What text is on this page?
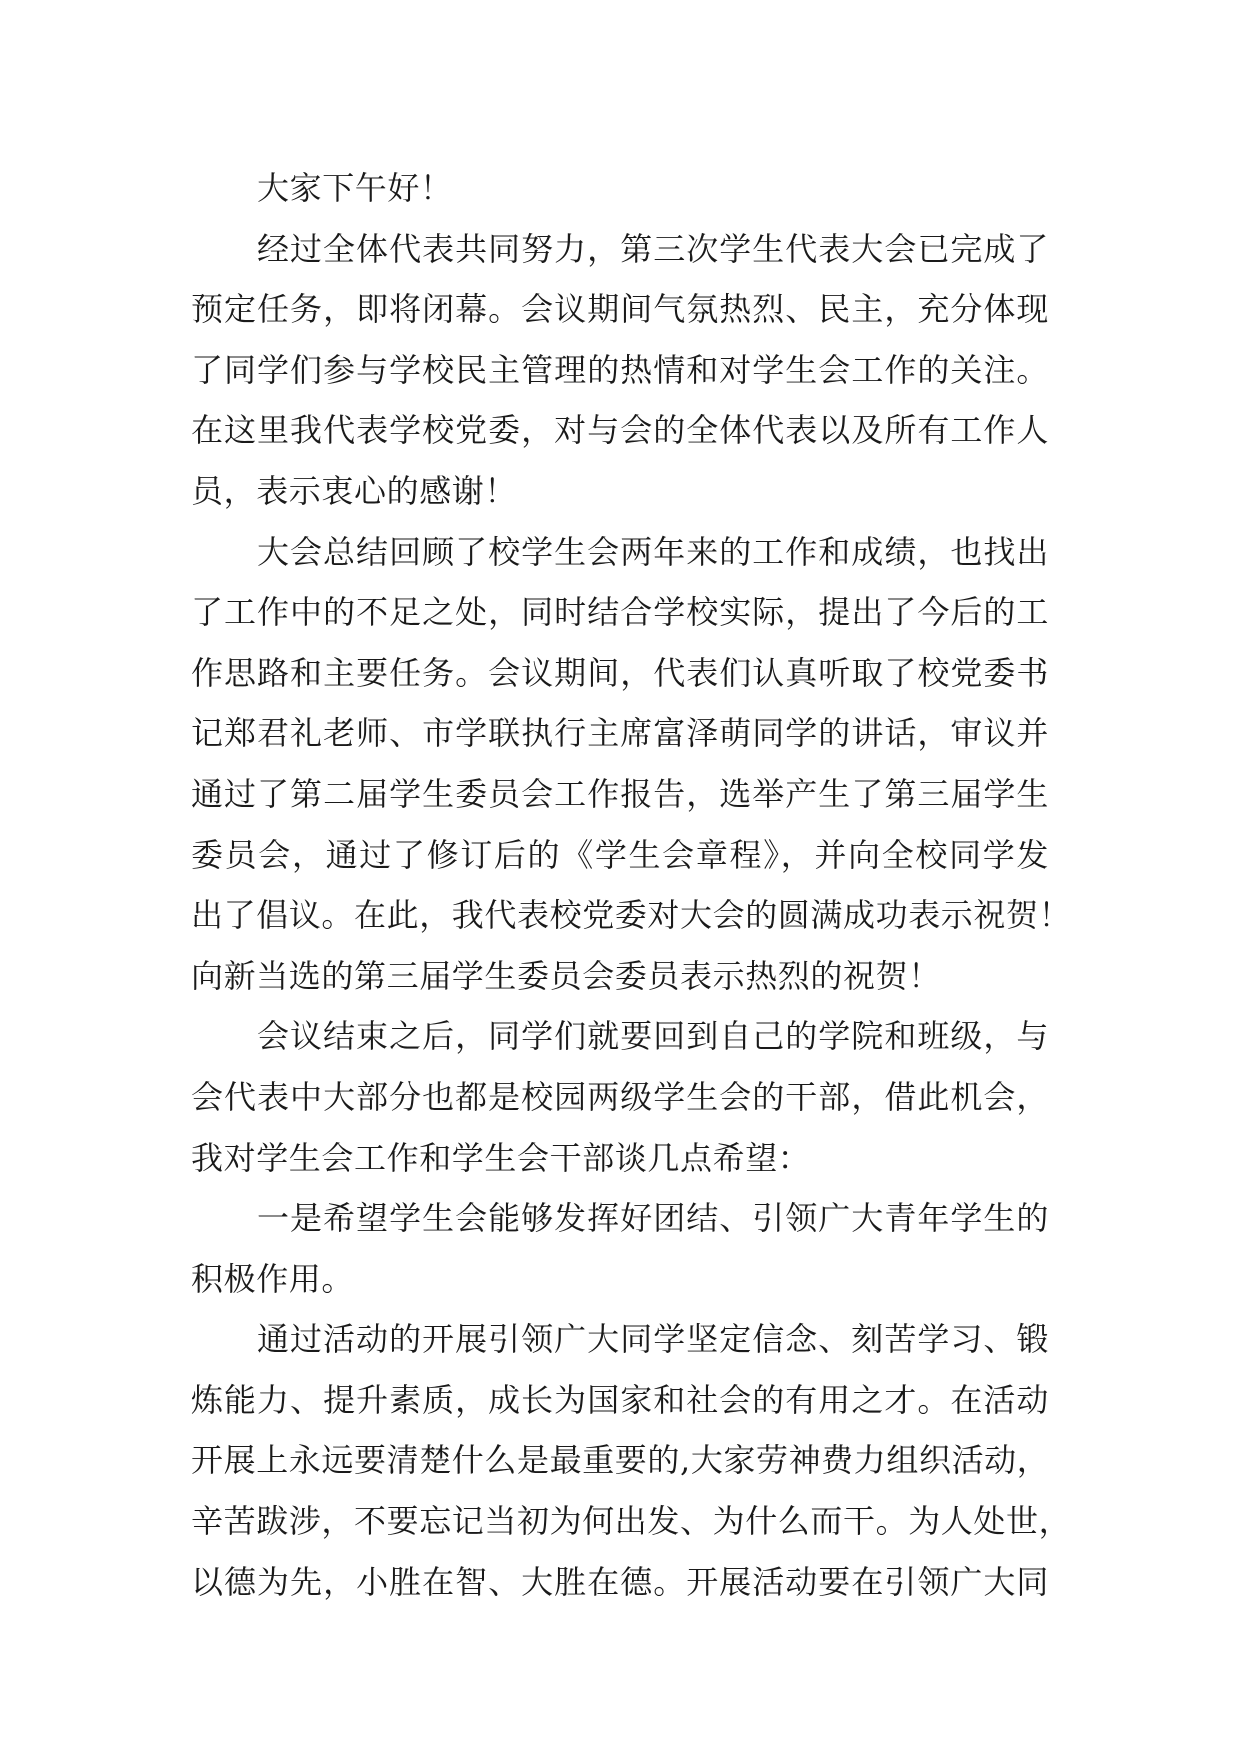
大家下午好！
经过全体代表共同努力，第三次学生代表大会已完成了
预定任务，即将闭幕。会议期间气氛热烈、民主，充分体现
了同学们参与学校民主管理的热情和对学生会工作的关注。
在这里我代表学校党委，对与会的全体代表以及所有工作人
员，表示衷心的感谢！
大会总结回顾了校学生会两年来的工作和成绩，也找出
了工作中的不足之处，同时结合学校实际，提出了今后的工
作思路和主要任务。会议期间，代表们认真听取了校党委书
记郑君礼老师、市学联执行主席富泽萌同学的讲话，审议并
通过了第二届学生委员会工作报告，选举产生了第三届学生
委员会，通过了修订后的《学生会章程》，并向全校同学发
出了倡议。在此，我代表校党委对大会的圆满成功表示祝贺！
向新当选的第三届学生委员会委员表示热烈的祝贺！
会议结束之后，同学们就要回到自己的学院和班级，与
会代表中大部分也都是校园两级学生会的干部，借此机会，
我对学生会工作和学生会干部谈几点希望：
一是希望学生会能够发挥好团结、引领广大青年学生的
积极作用。
通过活动的开展引领广大同学坚定信念、刻苦学习、锻
炼能力、提升素质，成长为国家和社会的有用之才。在活动
开展上永远要清楚什么是最重要的,大家劳神费力组织活动，
辛苦跋涉，不要忘记当初为何出发、为什么而干。为人处世，
以德为先，小胜在智、大胜在德。开展活动要在引领广大同
